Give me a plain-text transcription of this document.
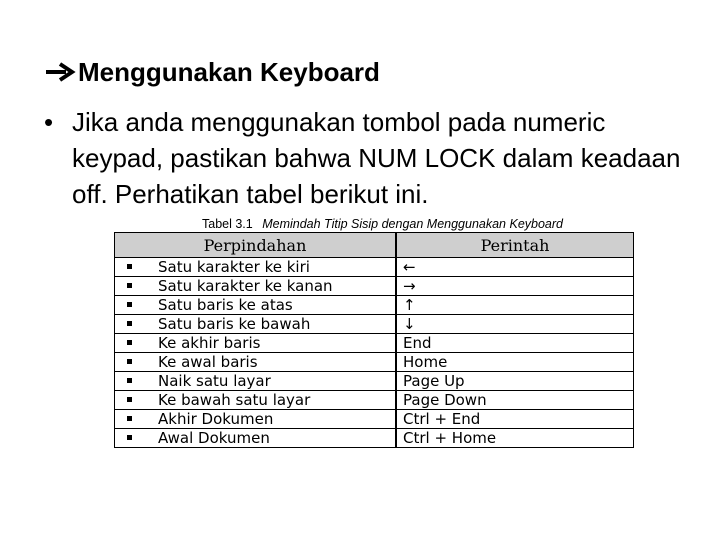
Menggunakan Keyboard
• Jika anda menggunakan tombol pada numeric keypad, pastikan bahwa NUM LOCK dalam keadaan off. Perhatikan tabel berikut ini.
Tabel 3.1 Memindah Titip Sisip dengan Menggunakan Keyboard
Perpindahan	Perintah
Satu karakter ke kiri	←
Satu karakter ke kanan	→
Satu baris ke atas	↑
Satu baris ke bawah	↓
Ke akhir baris	End
Ke awal baris	Home
Naik satu layar	Page Up
Ke bawah satu layar	Page Down
Akhir Dokumen	Ctrl + End
Awal Dokumen	Ctrl + Home
